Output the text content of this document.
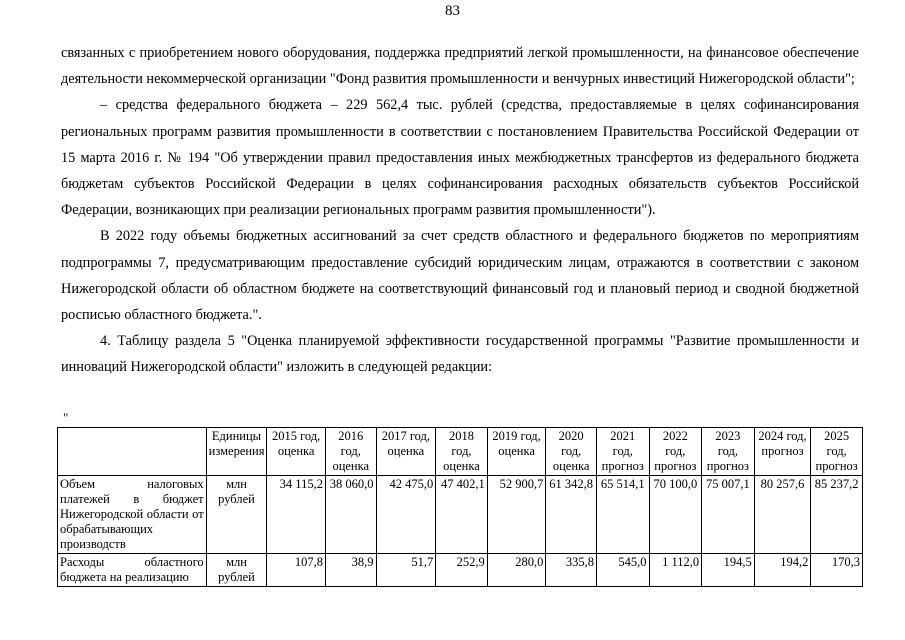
83

связанных с приобретением нового оборудования, поддержка предприятий легкой промышленности, на финансовое обеспечение деятельности некоммерческой организации "Фонд развития промышленности и венчурных инвестиций Нижегородской области";

– средства федерального бюджета – 229 562,4 тыс. рублей (средства, предоставляемые в целях софинансирования региональных программ развития промышленности в соответствии с постановлением Правительства Российской Федерации от 15 марта 2016 г. № 194 "Об утверждении правил предоставления иных межбюджетных трансфертов из федерального бюджета бюджетам субъектов Российской Федерации в целях софинансирования расходных обязательств субъектов Российской Федерации, возникающих при реализации региональных программ развития промышленности").

В 2022 году объемы бюджетных ассигнований за счет средств областного и федерального бюджетов по мероприятиям подпрограммы 7, предусматривающим предоставление субсидий юридическим лицам, отражаются в соответствии с законом Нижегородской области об областном бюджете на соответствующий финансовый год и плановый период и сводной бюджетной росписью областного бюджета.".

4. Таблицу раздела 5 "Оценка планируемой эффективности государственной программы "Развитие промышленности и инноваций Нижегородской области" изложить в следующей редакции:

"
	Единицы измерения	2015 год, оценка	2016 год, оценка	2017 год, оценка	2018 год, оценка	2019 год, оценка	2020 год, оценка	2021 год, прогноз	2022 год, прогноз	2023 год, прогноз	2024 год, прогноз	2025 год, прогноз
Объем налоговых платежей в бюджет Нижегородской области от обрабатывающих производств	млн рублей	34 115,2	38 060,0	42 475,0	47 402,1	52 900,7	61 342,8	65 514,1	70 100,0	75 007,1	80 257,6	85 237,2
Расходы областного бюджета на реализацию	млн рублей	107,8	38,9	51,7	252,9	280,0	335,8	545,0	1 112,0	194,5	194,2	170,3
